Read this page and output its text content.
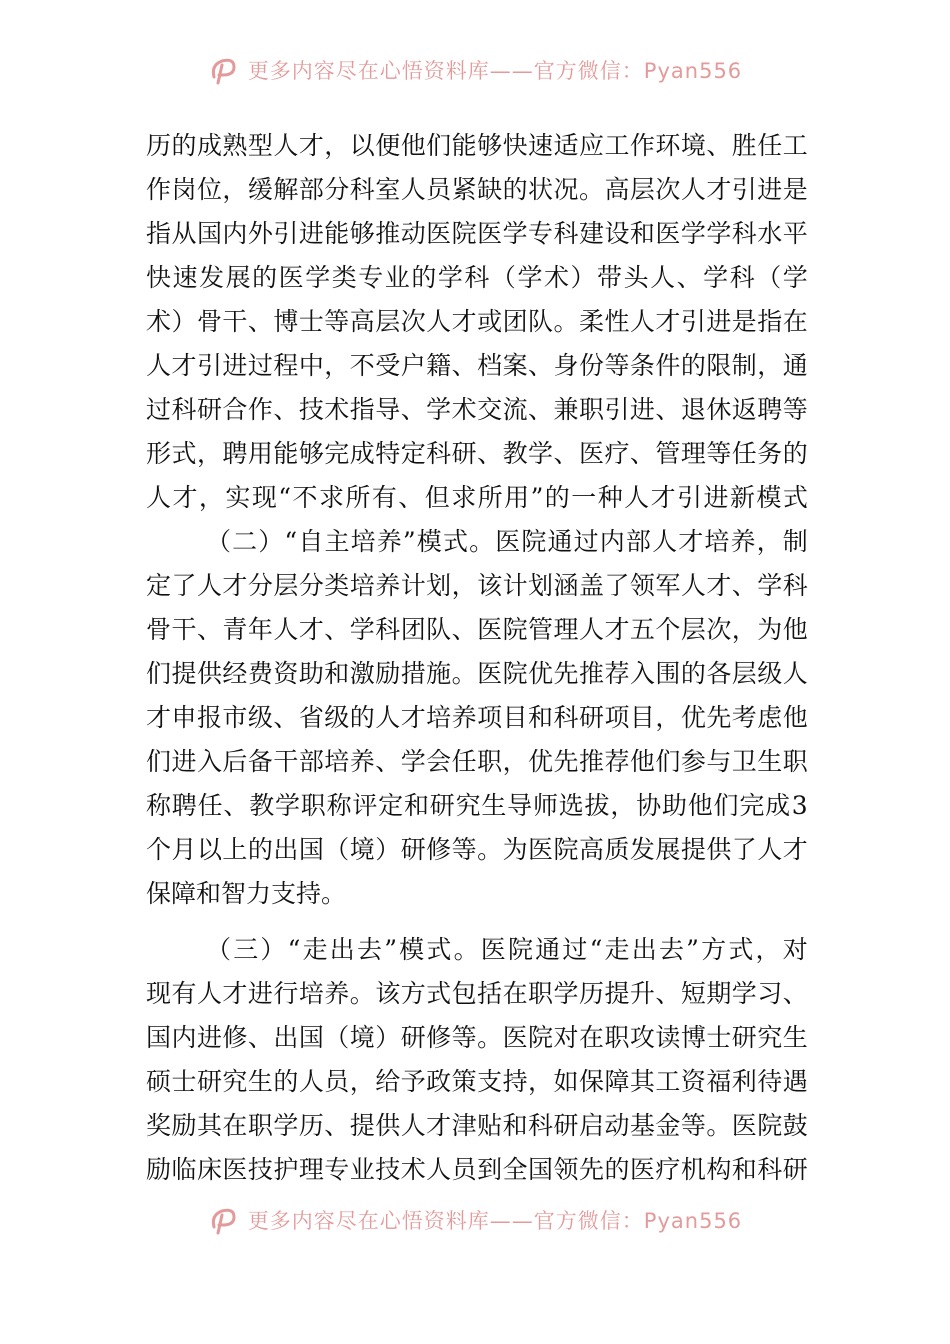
更多内容尽在心悟资料库——官方微信：Pyan556
历 的 成 熟 型 人 才 ， 以 便 他 们 能 够 快 速 适 应 工 作 环 境 、 胜 任 工
作 岗 位 ， 缓 解 部 分 科 室 人 员 紧 缺 的 状 况 。 高 层 次 人 才 引 进 是
指 从 国 内 外 引 进 能 够 推 动 医 院 医 学 专 科 建 设 和 医 学 学 科 水 平
快 速 发 展 的 医 学 类 专 业 的 学 科 （ 学 术 ） 带 头 人 、 学 科 （ 学
术 ） 骨 干 、 博 士 等 高 层 次 人 才 或 团 队 。 柔 性 人 才 引 进 是 指 在
人 才 引 进 过 程 中 ， 不 受 户 籍 、 档 案 、 身 份 等 条 件 的 限 制 ， 通
过 科 研 合 作 、 技 术 指 导 、 学 术 交 流 、 兼 职 引 进 、 退 休 返 聘 等
形 式 ， 聘 用 能 够 完 成 特 定 科 研 、 教 学 、 医 疗 、 管 理 等 任 务 的
人 才 ， 实 现 “ 不 求 所 有 、 但 求 所 用 ” 的 一 种 人 才 引 进 新 模 式
（ 二 ） “ 自 主 培 养 ” 模 式 。 医 院 通 过 内 部 人 才 培 养 ， 制
定 了 人 才 分 层 分 类 培 养 计 划 ， 该 计 划 涵 盖 了 领 军 人 才 、 学 科
骨 干 、 青 年 人 才 、 学 科 团 队 、 医 院 管 理 人 才 五 个 层 次 ， 为 他
们 提 供 经 费 资 助 和 激 励 措 施 。 医 院 优 先 推 荐 入 围 的 各 层 级 人
才 申 报 市 级 、 省 级 的 人 才 培 养 项 目 和 科 研 项 目 ， 优 先 考 虑 他
们 进 入 后 备 干 部 培 养 、 学 会 任 职 ， 优 先 推 荐 他 们 参 与 卫 生 职
称 聘 任 、 教 学 职 称 评 定 和 研 究 生 导 师 选 拔 ， 协 助 他 们 完 成 3
个 月 以 上 的 出 国 （ 境 ） 研 修 等 。 为 医 院 高 质 发 展 提 供 了 人 才
保障和智力支持。
（ 三 ） “ 走 出 去 ” 模 式 。 医 院 通 过 “ 走 出 去 ” 方 式 ， 对
现 有 人 才 进 行 培 养 。 该 方 式 包 括 在 职 学 历 提 升 、 短 期 学 习 、
国 内 进 修 、 出 国 （ 境 ） 研 修 等 。 医 院 对 在 职 攻 读 博 士 研 究 生
硕 士 研 究 生 的 人 员 ， 给 予 政 策 支 持 ， 如 保 障 其 工 资 福 利 待 遇
奖 励 其 在 职 学 历 、 提 供 人 才 津 贴 和 科 研 启 动 基 金 等 。 医 院 鼓
励 临 床 医 技 护 理 专 业 技 术 人 员 到 全 国 领 先 的 医 疗 机 构 和 科 研
更多内容尽在心悟资料库——官方微信：Pyan556
